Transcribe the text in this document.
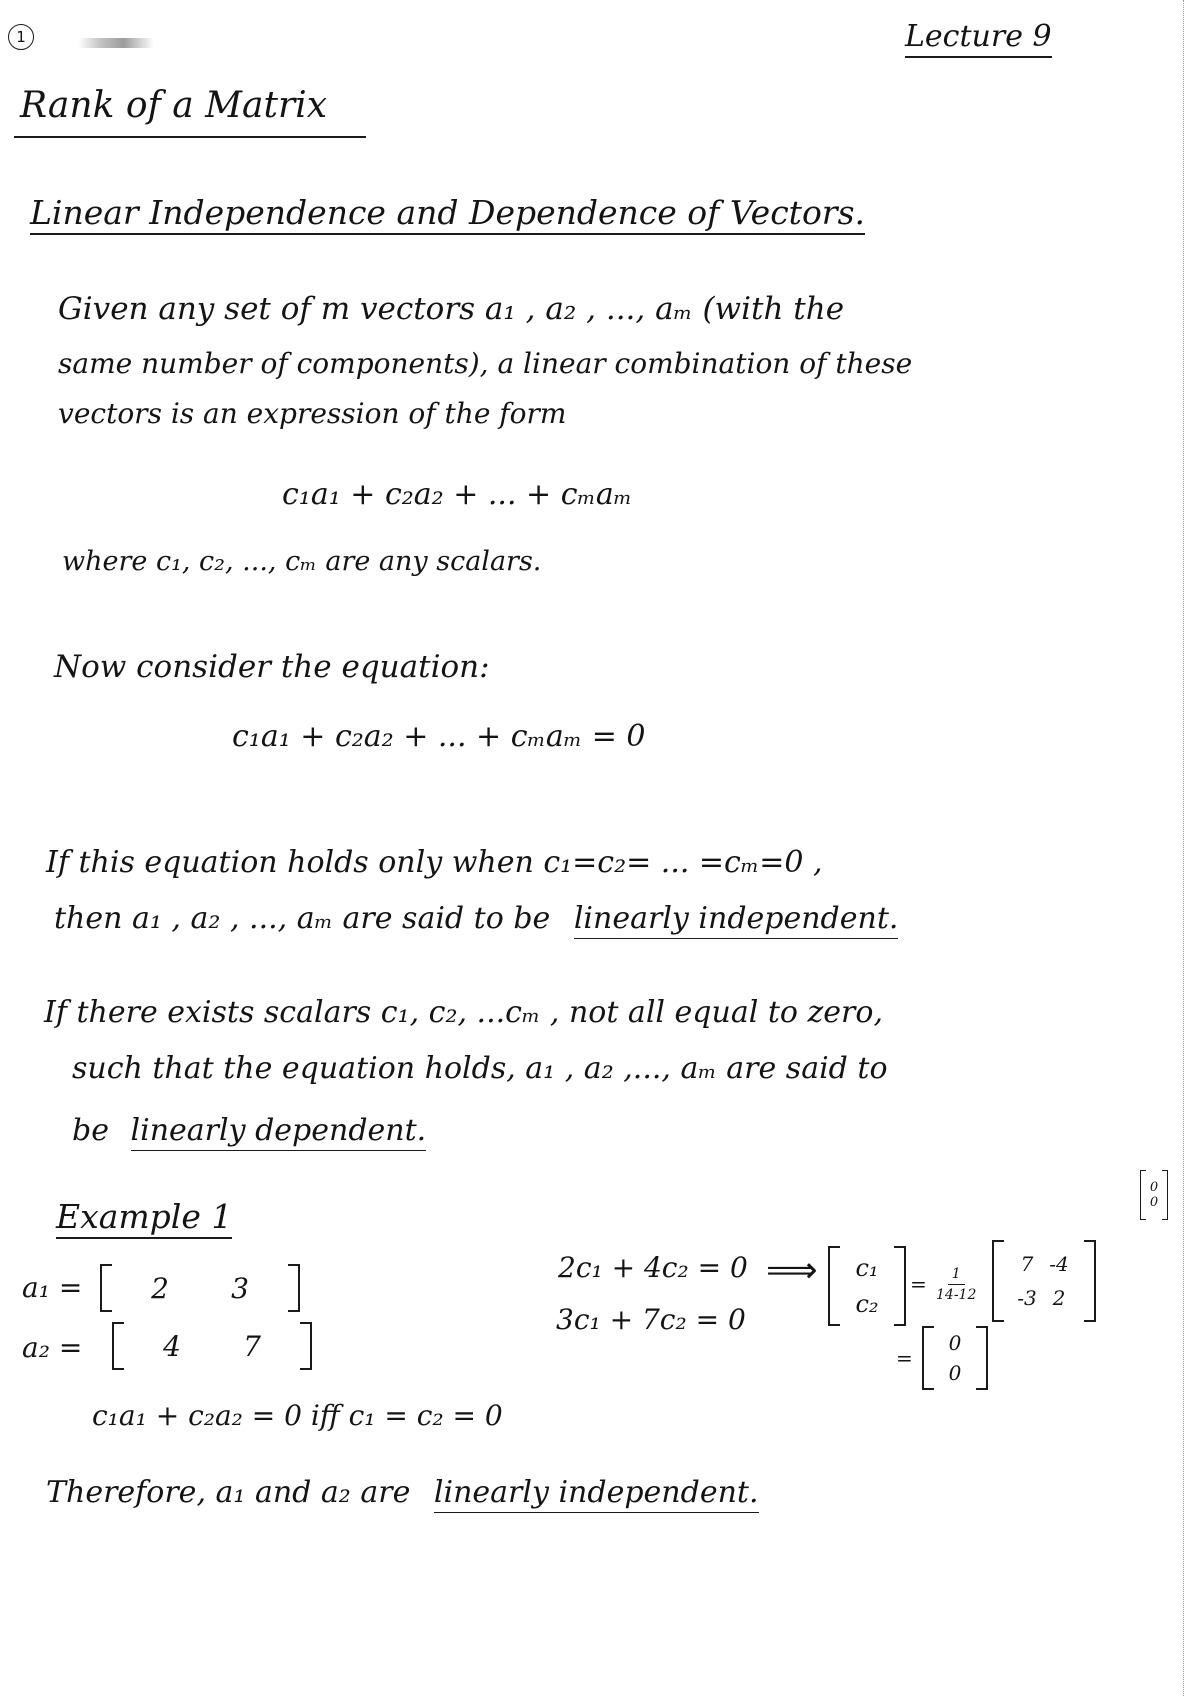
1	Lecture 9
Rank of a Matrix
Linear Independence and Dependence of Vectors.
Given any set of m vectors a₁ , a₂ , ..., aₘ (with the
same number of components), a linear combination of these
vectors is an expression of the form
c₁a₁ + c₂a₂ + ... + cₘaₘ
where c₁, c₂, ..., cₘ are any scalars.
Now consider the equation:
c₁a₁ + c₂a₂ + ... + cₘaₘ = 0
If this equation holds only when c₁=c₂= ... =cₘ=0 ,
then a₁ , a₂ , ..., aₘ are said to be linearly independent.
If there exists scalars c₁, c₂, ...cₘ , not all equal to zero,
such that the equation holds, a₁ , a₂ ,..., aₘ are said to
be linearly dependent.
Example 1
a₁ =	2	3
a₂ =	4	7
c₁a₁ + c₂a₂ = 0 iff c₁ = c₂ = 0
2c₁ + 4c₂ = 0
3c₁ + 7c₂ = 0
⟹	c₁
c₂
= $\frac{1}{14-12}$
7 -4
-3 2
0
0
=
0
0
Therefore, a₁ and a₂ are linearly independent.
